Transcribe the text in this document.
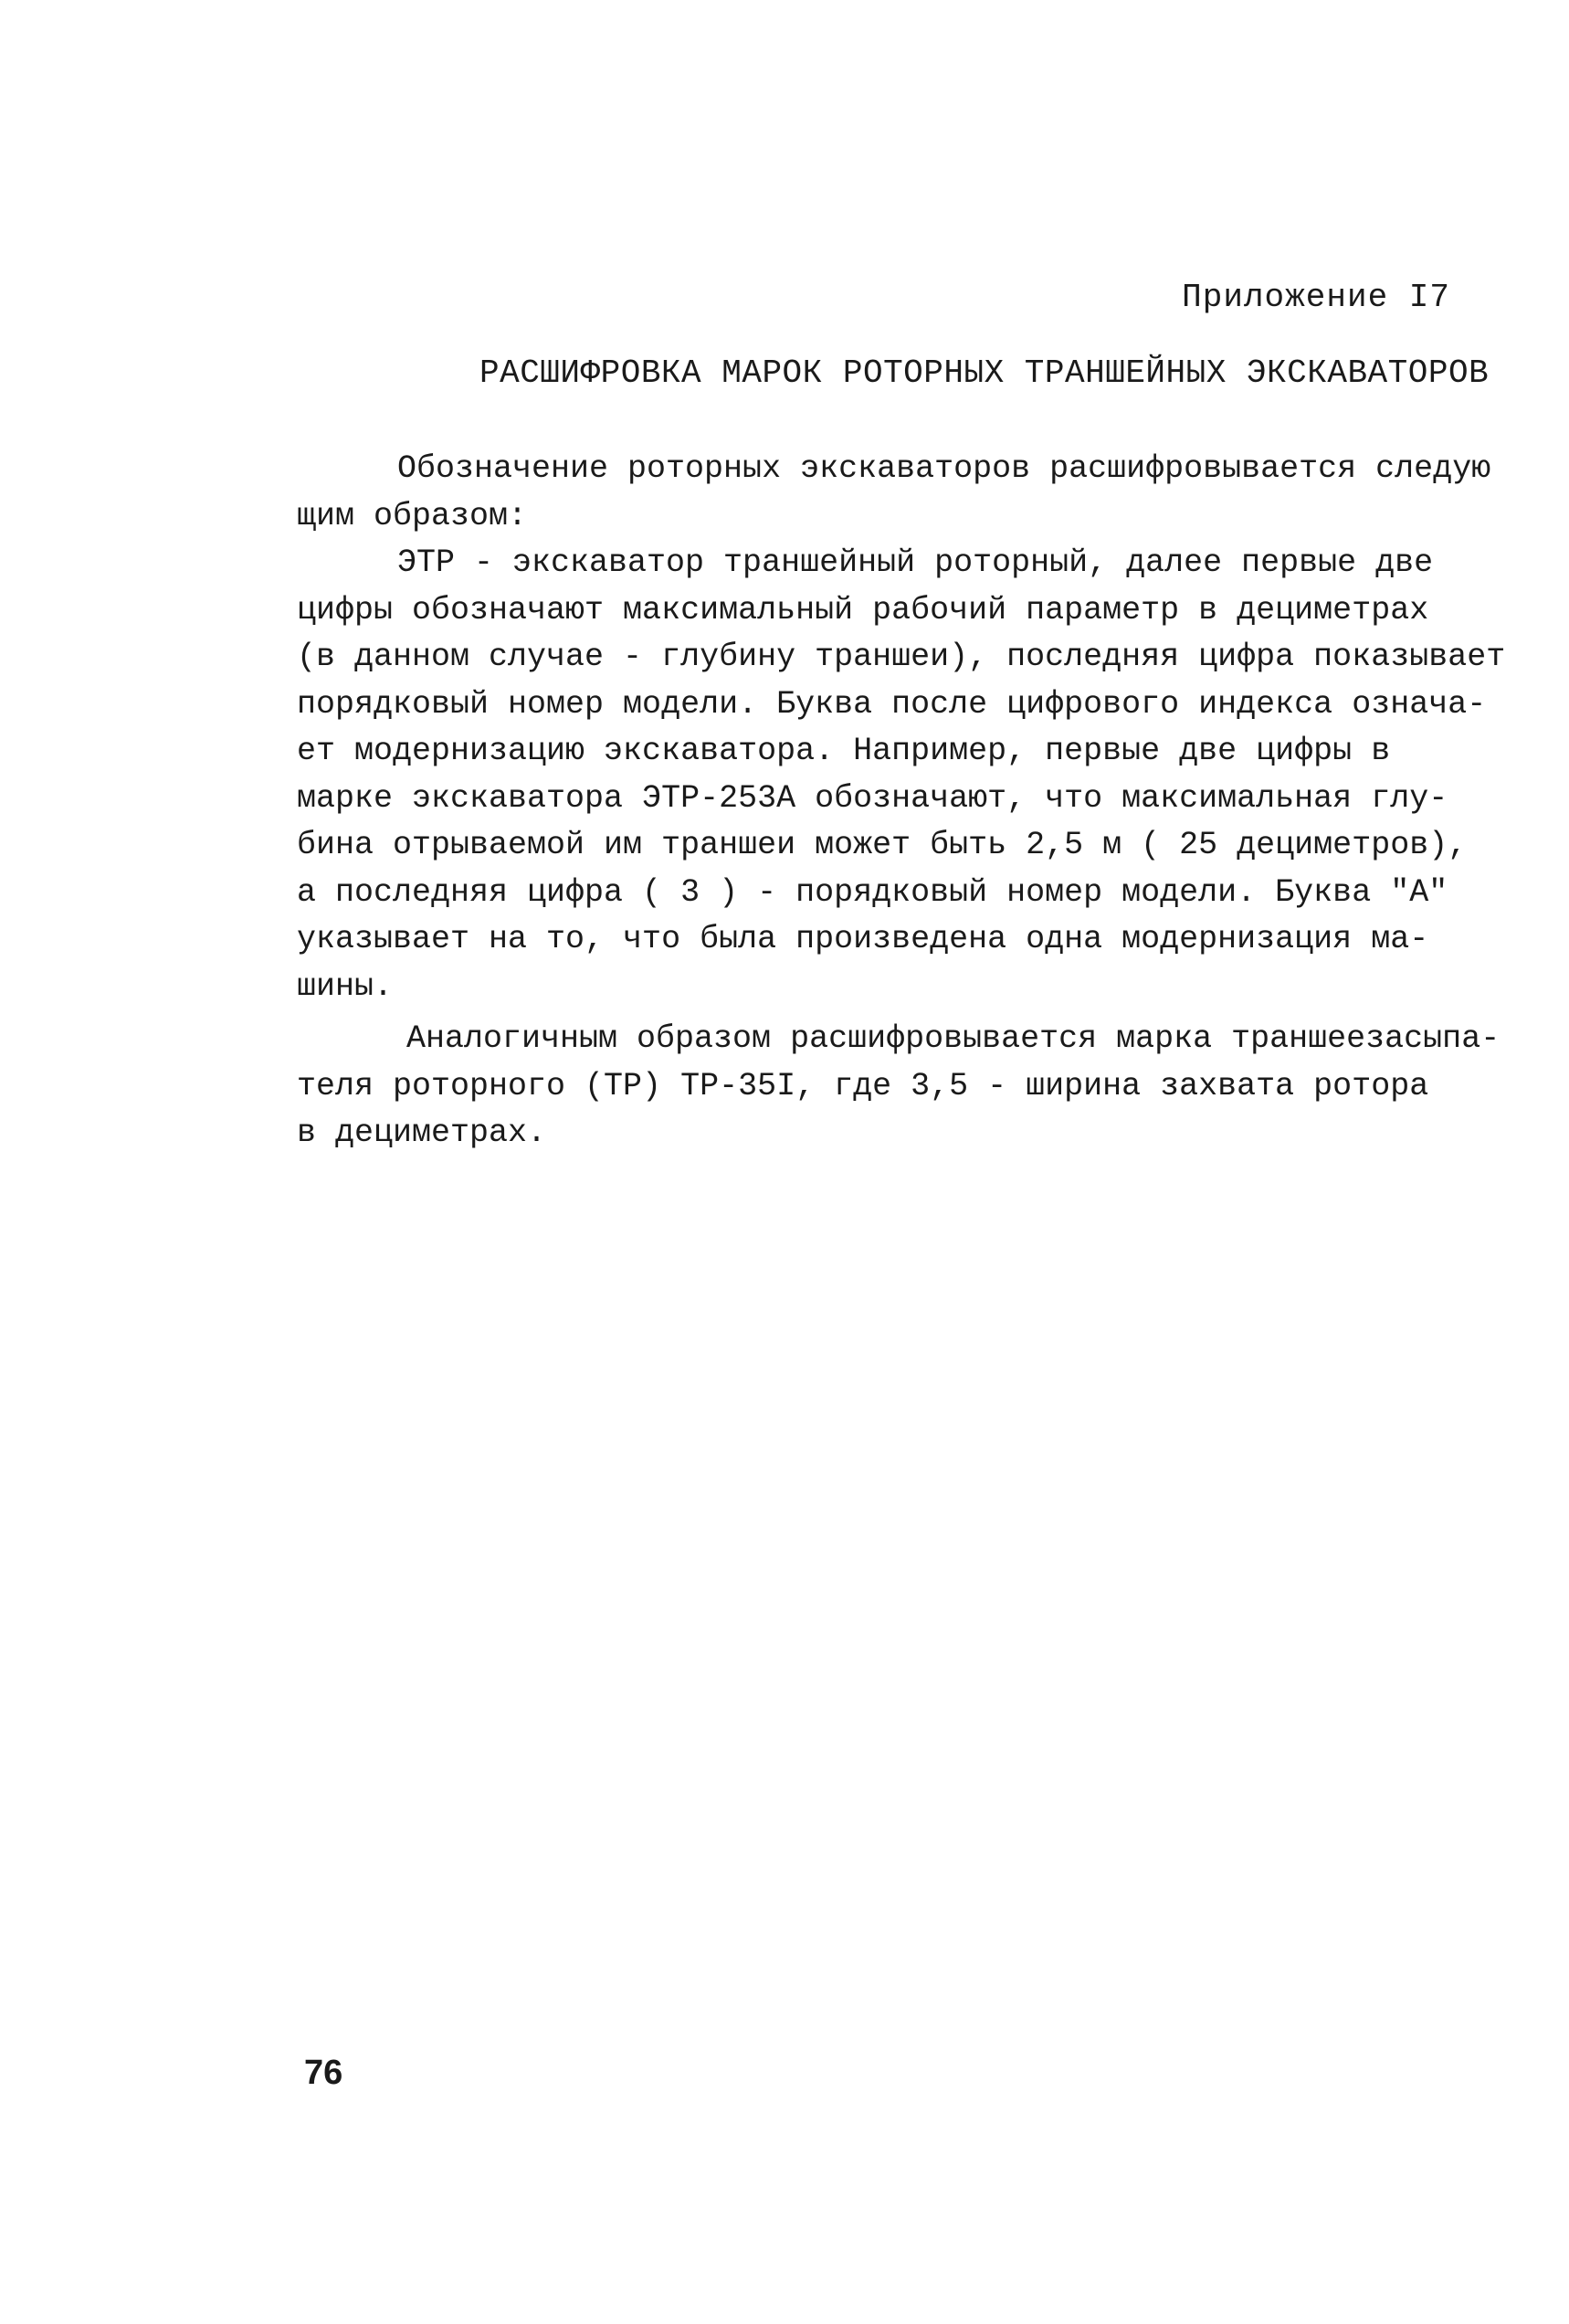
Приложение I7
РАСШИФРОВКА МАРОК РОТОРНЫХ ТРАНШЕЙНЫХ ЭКСКАВАТОРОВ
Обозначение роторных экскаваторов расшифровывается следую
щим образом:
ЭТР - экскаватор траншейный роторный, далее первые две
цифры обозначают максимальный рабочий параметр в дециметрах
(в данном случае - глубину траншеи), последняя цифра показывает
порядковый номер модели. Буква после цифрового индекса означа-
ет модернизацию экскаватора. Например, первые две цифры в
марке экскаватора ЭТР-253А обозначают, что максимальная глу-
бина отрываемой им траншеи может быть 2,5 м ( 25 дециметров),
а последняя цифра ( 3 ) - порядковый номер модели. Буква "А"
указывает на то, что была произведена одна модернизация ма-
шины.
Аналогичным образом расшифровывается марка траншеезасыпа-
теля роторного (ТР) ТР-35I, где 3,5 - ширина захвата ротора
в дециметрах.
76
